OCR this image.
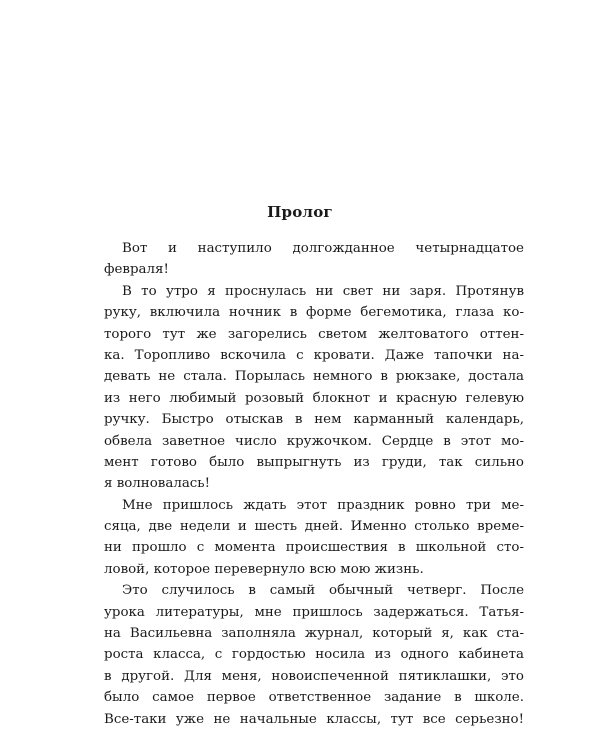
Пролог
Вот и наступило долгожданное четырнадцатое
февраля!
В то утро я проснулась ни свет ни заря. Протянув
руку, включила ночник в форме бегемотика, глаза ко-
торого тут же загорелись светом желтоватого оттен-
ка. Торопливо вскочила с кровати. Даже тапочки на-
девать не стала. Порылась немного в рюкзаке, достала
из него любимый розовый блокнот и красную гелевую
ручку. Быстро отыскав в нем карманный календарь,
обвела заветное число кружочком. Сердце в этот мо-
мент готово было выпрыгнуть из груди, так сильно
я волновалась!
Мне пришлось ждать этот праздник ровно три ме-
сяца, две недели и шесть дней. Именно столько време-
ни прошло с момента происшествия в школьной сто-
ловой, которое перевернуло всю мою жизнь.
Это случилось в самый обычный четверг. После
урока литературы, мне пришлось задержаться. Татья-
на Васильевна заполняла журнал, который я, как ста-
роста класса, с гордостью носила из одного кабинета
в другой. Для меня, новоиспеченной пятиклашки, это
было самое первое ответственное задание в школе.
Все-таки уже не начальные классы, тут все серьезно!
